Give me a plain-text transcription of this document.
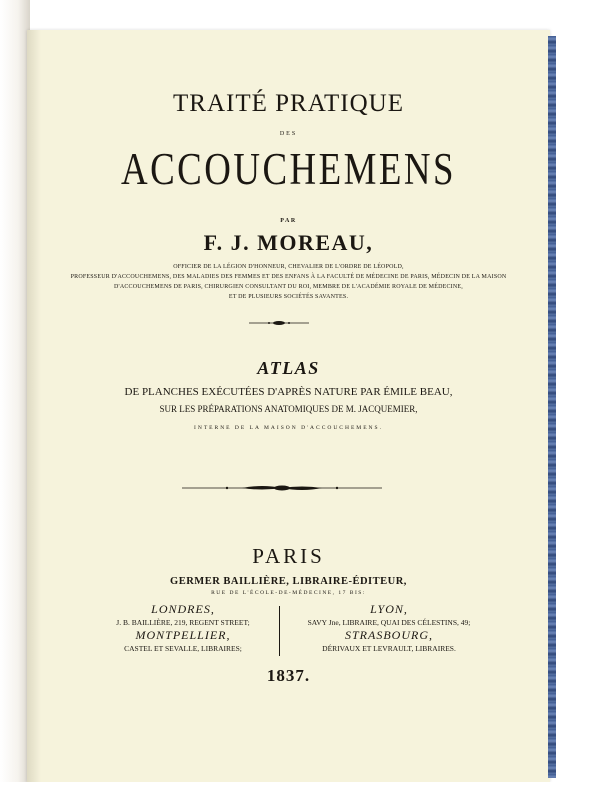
TRAITÉ PRATIQUE
DES
ACCOUCHEMENS
PAR
F. J. MOREAU,
OFFICIER DE LA LÉGION D'HONNEUR, CHEVALIER DE L'ORDRE DE LÉOPOLD,
PROFESSEUR D'ACCOUCHEMENS, DES MALADIES DES FEMMES ET DES ENFANS À LA FACULTÉ DE MÉDECINE DE PARIS, MÉDECIN DE LA MAISON
D'ACCOUCHEMENS DE PARIS, CHIRURGIEN CONSULTANT DU ROI, MEMBRE DE L'ACADÉMIE ROYALE DE MÉDECINE,
ET DE PLUSIEURS SOCIÉTÉS SAVANTES.
ATLAS
DE PLANCHES EXÉCUTÉES D'APRÈS NATURE PAR ÉMILE BEAU,
SUR LES PRÉPARATIONS ANATOMIQUES DE M. JACQUEMIER,
INTERNE DE LA MAISON D'ACCOUCHEMENS.
PARIS
GERMER BAILLIÈRE, LIBRAIRE-ÉDITEUR,
RUE DE L'ÉCOLE-DE-MÉDECINE, 17 BIS:
LONDRES,
J. B. BAILLIÈRE, 219, REGENT STREET;
MONTPELLIER,
CASTEL ET SEVALLE, LIBRAIRES;
LYON,
SAVY Jne, LIBRAIRE, QUAI DES CÉLESTINS, 49;
STRASBOURG,
DÉRIVAUX ET LEVRAULT, LIBRAIRES.
1837.
